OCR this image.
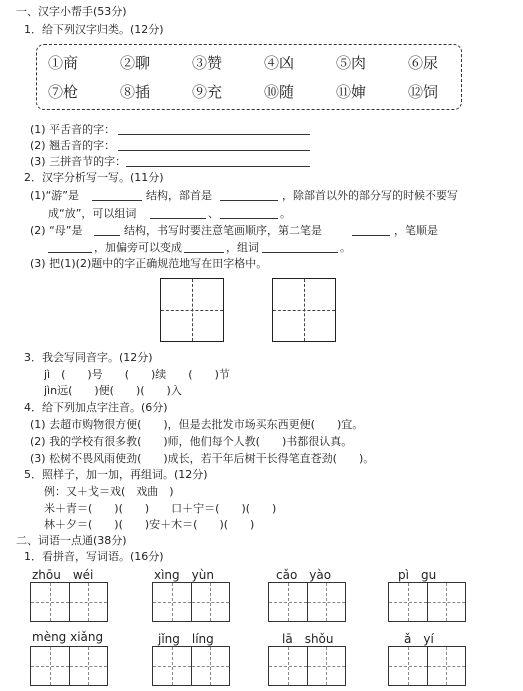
一、汉字小帮手(53分)
1．给下列汉字归类。(12分)
①商	②聊	③赞	④凶	⑤肉	⑥尿
⑦枪	⑧插	⑨充	⑩随	⑪婶	⑫饲
(1) 平舌音的字：
(2) 翘舌音的字：
(3) 三拼音节的字：
2．汉字分析写一写。(11分)
(1)“游”是	结构，部首是	，除部首以外的部分写的时候不要写
成“放”，可以组词	、	。
(2) “母”是	结构，书写时要注意笔画顺序，第二笔是	，笔顺是
，加偏旁可以变成	，组词	。
(3) 把(1)(2)题中的字正确规范地写在田字格中。
3．我会写同音字。(12分)
jì　(　　)号　　(　　)续　　(　　)节
jìn远(　　)便(　　)(　　)入
4．给下列加点字注音。(6分)
(1) 去超市购物很方便(　　)，但是去批发市场买东西更便(　　)宜。
(2) 我的学校有很多教(　　)师，他们每个人教(　　)书都很认真。
(3) 松树不畏风雨使劲(　　)成长，若干年后树干长得笔直苍劲(　　)。
5．照样子，加一加，再组词。(12分)
例：又＋戈＝戏(　戏曲　)
米＋青＝(　　)(　　)　　口＋宁＝(　　)(　　)
林＋夕＝(　　)(　　)安＋木＝(　　)(　　)
二、词语一点通(38分)
1．看拼音，写词语。(16分)
zhōu　wéi	xìng　yùn	cǎo　yào	pì　gu
mèng xiǎng	jǐng　líng	lā　shǒu	ǎ　yí
